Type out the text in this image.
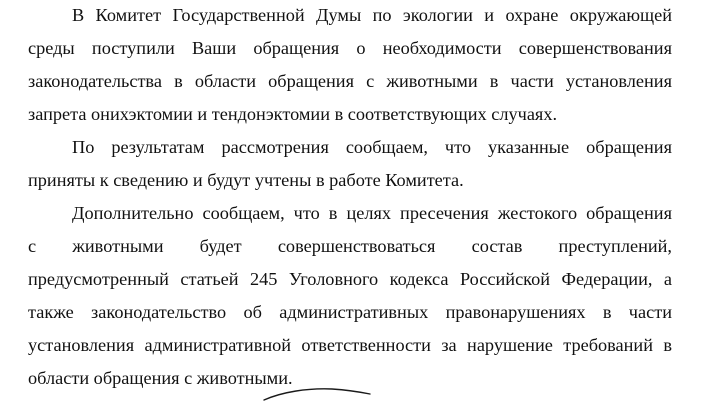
В Комитет Государственной Думы по экологии и охране окружающей
среды поступили Ваши обращения о необходимости совершенствования
законодательства в области обращения с животными в части установления
запрета онихэктомии и тендонэктомии в соответствующих случаях.
По результатам рассмотрения сообщаем, что указанные обращения
приняты к сведению и будут учтены в работе Комитета.
Дополнительно сообщаем, что в целях пресечения жестокого обращения
с животными будет совершенствоваться состав преступлений,
предусмотренный статьей 245 Уголовного кодекса Российской Федерации, а
также законодательство об административных правонарушениях в части
установления административной ответственности за нарушение требований в
области обращения с животными.
